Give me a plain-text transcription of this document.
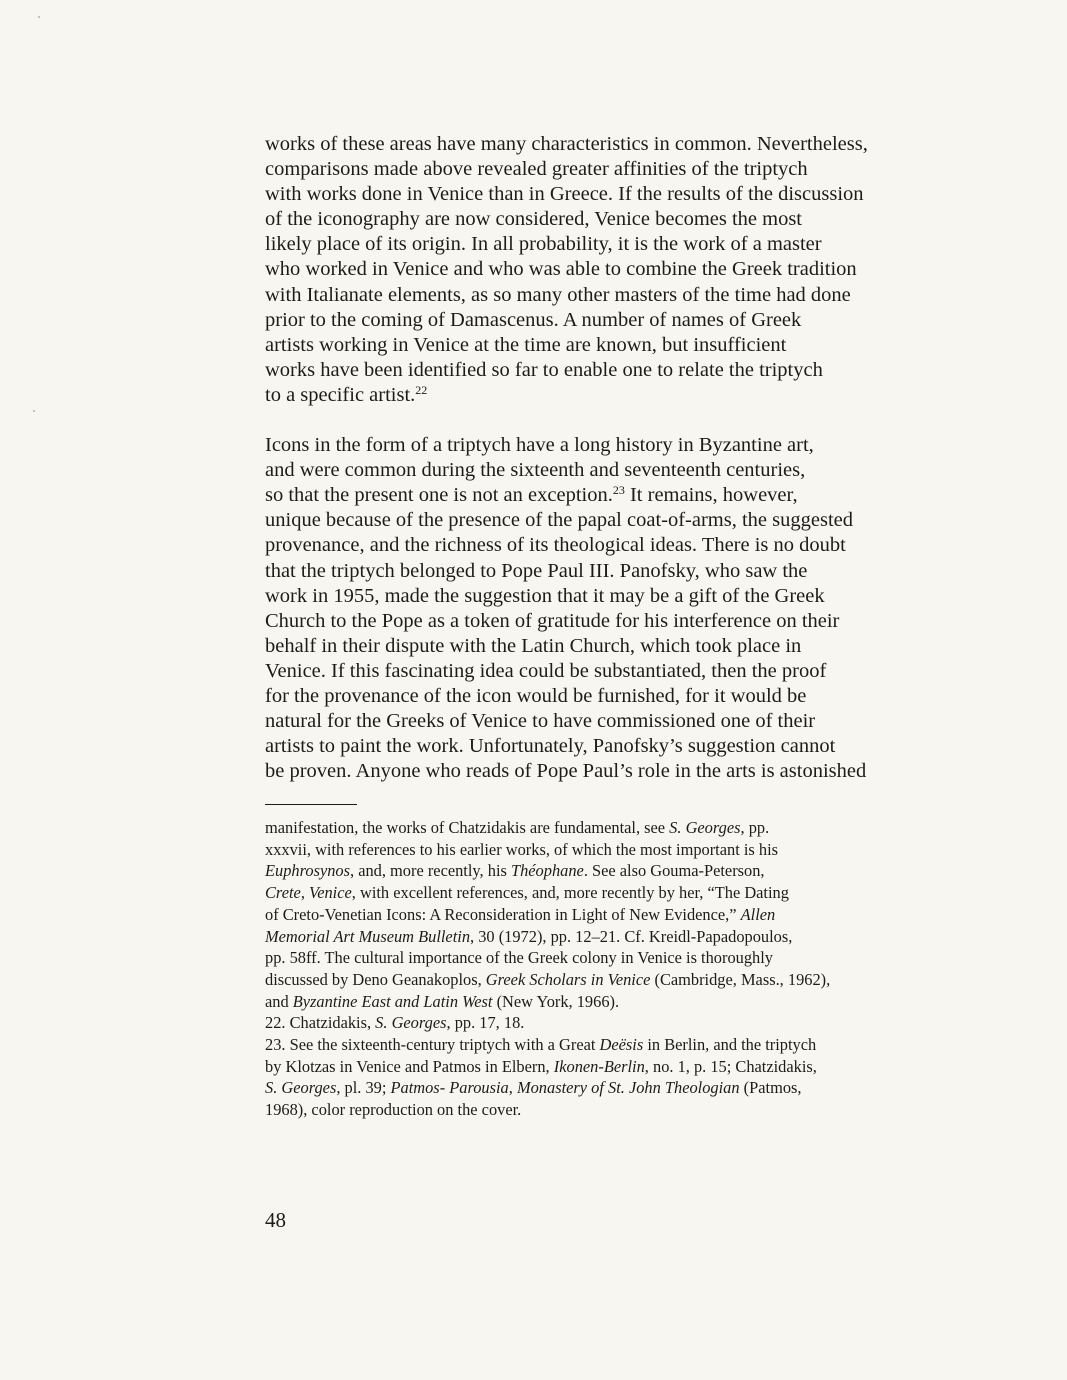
works of these areas have many characteristics in common. Nevertheless,
comparisons made above revealed greater affinities of the triptych
with works done in Venice than in Greece. If the results of the discussion
of the iconography are now considered, Venice becomes the most
likely place of its origin. In all probability, it is the work of a master
who worked in Venice and who was able to combine the Greek tradition
with Italianate elements, as so many other masters of the time had done
prior to the coming of Damascenus. A number of names of Greek
artists working in Venice at the time are known, but insufficient
works have been identified so far to enable one to relate the triptych
to a specific artist.$^{22}$
Icons in the form of a triptych have a long history in Byzantine art,
and were common during the sixteenth and seventeenth centuries,
so that the present one is not an exception.$^{23}$ It remains, however,
unique because of the presence of the papal coat-of-arms, the suggested
provenance, and the richness of its theological ideas. There is no doubt
that the triptych belonged to Pope Paul III. Panofsky, who saw the
work in 1955, made the suggestion that it may be a gift of the Greek
Church to the Pope as a token of gratitude for his interference on their
behalf in their dispute with the Latin Church, which took place in
Venice. If this fascinating idea could be substantiated, then the proof
for the provenance of the icon would be furnished, for it would be
natural for the Greeks of Venice to have commissioned one of their
artists to paint the work. Unfortunately, Panofsky’s suggestion cannot
be proven. Anyone who reads of Pope Paul’s role in the arts is astonished
manifestation, the works of Chatzidakis are fundamental, see S. Georges, pp.
xxxvii, with references to his earlier works, of which the most important is his
Euphrosynos, and, more recently, his Théophane. See also Gouma-Peterson,
Crete, Venice, with excellent references, and, more recently by her, “The Dating
of Creto-Venetian Icons: A Reconsideration in Light of New Evidence,” Allen
Memorial Art Museum Bulletin, 30 (1972), pp. 12–21. Cf. Kreidl-Papadopoulos,
pp. 58ff. The cultural importance of the Greek colony in Venice is thoroughly
discussed by Deno Geanakoplos, Greek Scholars in Venice (Cambridge, Mass., 1962),
and Byzantine East and Latin West (New York, 1966).
22. Chatzidakis, S. Georges, pp. 17, 18.
23. See the sixteenth-century triptych with a Great Deësis in Berlin, and the triptych
by Klotzas in Venice and Patmos in Elbern, Ikonen-Berlin, no. 1, p. 15; Chatzidakis,
S. Georges, pl. 39; Patmos- Parousia, Monastery of St. John Theologian (Patmos,
1968), color reproduction on the cover.
48
